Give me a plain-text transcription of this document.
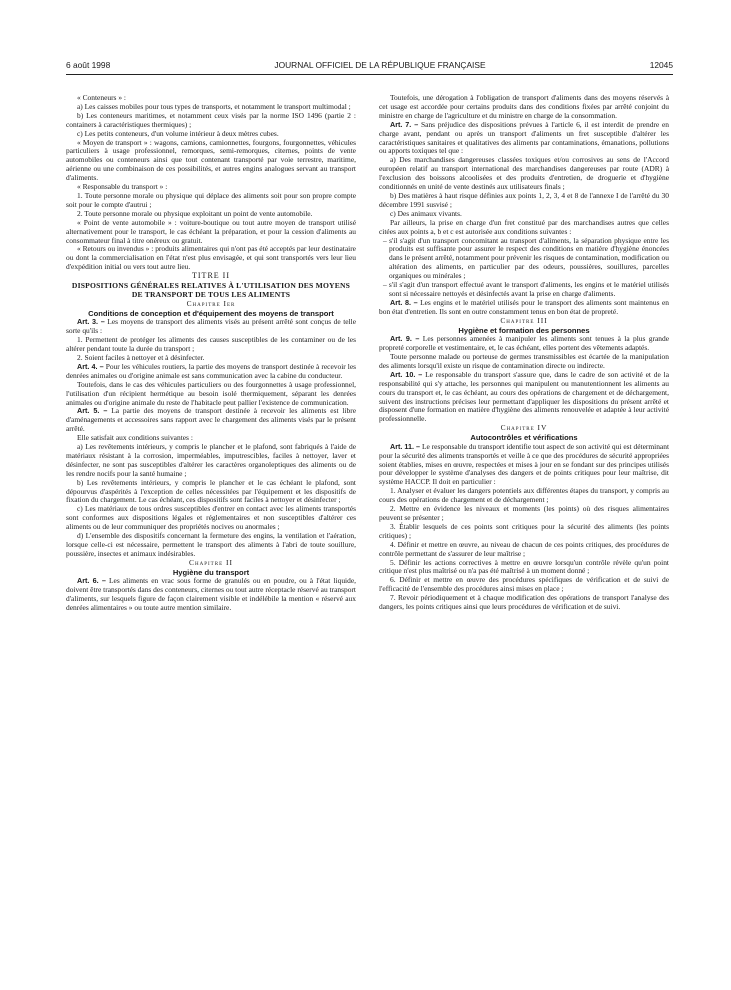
6 août 1998	JOURNAL OFFICIEL DE LA RÉPUBLIQUE FRANÇAISE	12045

« Conteneurs » :

a) Les caisses mobiles pour tous types de transports, et notamment le transport multimodal ;

b) Les conteneurs maritimes, et notamment ceux visés par la norme ISO 1496 (partie 2 : containers à caractéristiques thermiques) ;

c) Les petits conteneurs, d'un volume intérieur à deux mètres cubes.

« Moyen de transport » : wagons, camions, camionnettes, fourgons, fourgonnettes, véhicules particuliers à usage professionnel, remorques, semi-remorques, citernes, points de vente automobiles ou conteneurs ainsi que tout contenant transporté par voie terrestre, maritime, aérienne ou une combinaison de ces possibilités, et autres engins analogues servant au transport d'aliments.

« Responsable du transport » :

1. Toute personne morale ou physique qui déplace des aliments soit pour son propre compte soit pour le compte d'autrui ;

2. Toute personne morale ou physique exploitant un point de vente automobile.

« Point de vente automobile » : voiture-boutique ou tout autre moyen de transport utilisé alternativement pour le transport, le cas échéant la préparation, et pour la cession d'aliments au consommateur final à titre onéreux ou gratuit.

« Retours ou invendus » : produits alimentaires qui n'ont pas été acceptés par leur destinataire ou dont la commercialisation en l'état n'est plus envisagée, et qui sont transportés vers leur lieu d'expédition initial ou vers tout autre lieu.

TITRE II

DISPOSITIONS GÉNÉRALES RELATIVES À L'UTILISATION DES MOYENS DE TRANSPORT DE TOUS LES ALIMENTS

Chapitre Ier

Conditions de conception et d'équipement des moyens de transport

Art. 3. – Les moyens de transport des aliments visés au présent arrêté sont conçus de telle sorte qu'ils :

1. Permettent de protéger les aliments des causes susceptibles de les contaminer ou de les altérer pendant toute la durée du transport ;

2. Soient faciles à nettoyer et à désinfecter.

Art. 4. – Pour les véhicules routiers, la partie des moyens de transport destinée à recevoir les denrées animales ou d'origine animale est sans communication avec la cabine du conducteur.

Toutefois, dans le cas des véhicules particuliers ou des fourgonnettes à usage professionnel, l'utilisation d'un récipient hermétique au besoin isolé thermiquement, séparant les denrées animales ou d'origine animale du reste de l'habitacle peut pallier l'existence de communication.

Art. 5. – La partie des moyens de transport destinée à recevoir les aliments est libre d'aménagements et accessoires sans rapport avec le chargement des aliments visés par le présent arrêté.

Elle satisfait aux conditions suivantes :

a) Les revêtements intérieurs, y compris le plancher et le plafond, sont fabriqués à l'aide de matériaux résistant à la corrosion, imperméables, imputrescibles, faciles à nettoyer, laver et désinfecter, ne sont pas susceptibles d'altérer les caractères organoleptiques des aliments ou de les rendre nocifs pour la santé humaine ;

b) Les revêtements intérieurs, y compris le plancher et le cas échéant le plafond, sont dépourvus d'aspérités à l'exception de celles nécessitées par l'équipement et les dispositifs de fixation du chargement. Le cas échéant, ces dispositifs sont faciles à nettoyer et désinfecter ;

c) Les matériaux de tous ordres susceptibles d'entrer en contact avec les aliments transportés sont conformes aux dispositions légales et réglementaires et non susceptibles d'altérer ces aliments ou de leur communiquer des propriétés nocives ou anormales ;

d) L'ensemble des dispositifs concernant la fermeture des engins, la ventilation et l'aération, lorsque celle-ci est nécessaire, permettent le transport des aliments à l'abri de toute souillure, poussière, insectes et animaux indésirables.

Chapitre II

Hygiène du transport

Art. 6. – Les aliments en vrac sous forme de granulés ou en poudre, ou à l'état liquide, doivent être transportés dans des conteneurs, citernes ou tout autre réceptacle réservé au transport d'aliments, sur lesquels figure de façon clairement visible et indélébile la mention « réservé aux denrées alimentaires » ou toute autre mention similaire.

Toutefois, une dérogation à l'obligation de transport d'aliments dans des moyens réservés à cet usage est accordée pour certains produits dans des conditions fixées par arrêté conjoint du ministre en charge de l'agriculture et du ministre en charge de la consommation.

Art. 7. – Sans préjudice des dispositions prévues à l'article 6, il est interdit de prendre en charge avant, pendant ou après un transport d'aliments un fret susceptible d'altérer les caractéristiques sanitaires et qualitatives des aliments par contaminations, émanations, pollutions ou apports toxiques tel que :

a) Des marchandises dangereuses classées toxiques et/ou corrosives au sens de l'Accord européen relatif au transport international des marchandises dangereuses par route (ADR) à l'exclusion des boissons alcoolisées et des produits d'entretien, de droguerie et d'hygiène conditionnés en unité de vente destinés aux utilisateurs finals ;

b) Des matières à haut risque définies aux points 1, 2, 3, 4 et 8 de l'annexe I de l'arrêté du 30 décembre 1991 susvisé ;

c) Des animaux vivants.

Par ailleurs, la prise en charge d'un fret constitué par des marchandises autres que celles citées aux points a, b et c est autorisée aux conditions suivantes :

– s'il s'agit d'un transport concomitant au transport d'aliments, la séparation physique entre les produits est suffisante pour assurer le respect des conditions en matière d'hygiène énoncées dans le présent arrêté, notamment pour prévenir les risques de contamination, modification ou altération des aliments, en particulier par des odeurs, poussières, souillures, parcelles organiques ou minérales ;

– s'il s'agit d'un transport effectué avant le transport d'aliments, les engins et le matériel utilisés sont si nécessaire nettoyés et désinfectés avant la prise en charge d'aliments.

Art. 8. – Les engins et le matériel utilisés pour le transport des aliments sont maintenus en bon état d'entretien. Ils sont en outre constamment tenus en bon état de propreté.

Chapitre III

Hygiène et formation des personnes

Art. 9. – Les personnes amenées à manipuler les aliments sont tenues à la plus grande propreté corporelle et vestimentaire, et, le cas échéant, elles portent des vêtements adaptés.

Toute personne malade ou porteuse de germes transmissibles est écartée de la manipulation des aliments lorsqu'il existe un risque de contamination directe ou indirecte.

Art. 10. – Le responsable du transport s'assure que, dans le cadre de son activité et de la responsabilité qui s'y attache, les personnes qui manipulent ou manutentionnent les aliments au cours du transport et, le cas échéant, au cours des opérations de chargement et de déchargement, suivent des instructions précises leur permettant d'appliquer les dispositions du présent arrêté et disposent d'une formation en matière d'hygiène des aliments renouvelée et adaptée à leur activité professionnelle.

Chapitre IV

Autocontrôles et vérifications

Art. 11. – Le responsable du transport identifie tout aspect de son activité qui est déterminant pour la sécurité des aliments transportés et veille à ce que des procédures de sécurité appropriées soient établies, mises en œuvre, respectées et mises à jour en se fondant sur des principes utilisés pour développer le système d'analyses des dangers et de points critiques pour leur maîtrise, dit système HACCP. Il doit en particulier :

1. Analyser et évaluer les dangers potentiels aux différentes étapes du transport, y compris au cours des opérations de chargement et de déchargement ;

2. Mettre en évidence les niveaux et moments (les points) où des risques alimentaires peuvent se présenter ;

3. Établir lesquels de ces points sont critiques pour la sécurité des aliments (les points critiques) ;

4. Définir et mettre en œuvre, au niveau de chacun de ces points critiques, des procédures de contrôle permettant de s'assurer de leur maîtrise ;

5. Définir les actions correctives à mettre en œuvre lorsqu'un contrôle révèle qu'un point critique n'est plus maîtrisé ou n'a pas été maîtrisé à un moment donné ;

6. Définir et mettre en œuvre des procédures spécifiques de vérification et de suivi de l'efficacité de l'ensemble des procédures ainsi mises en place ;

7. Revoir périodiquement et à chaque modification des opérations de transport l'analyse des dangers, les points critiques ainsi que leurs procédures de vérification et de suivi.
